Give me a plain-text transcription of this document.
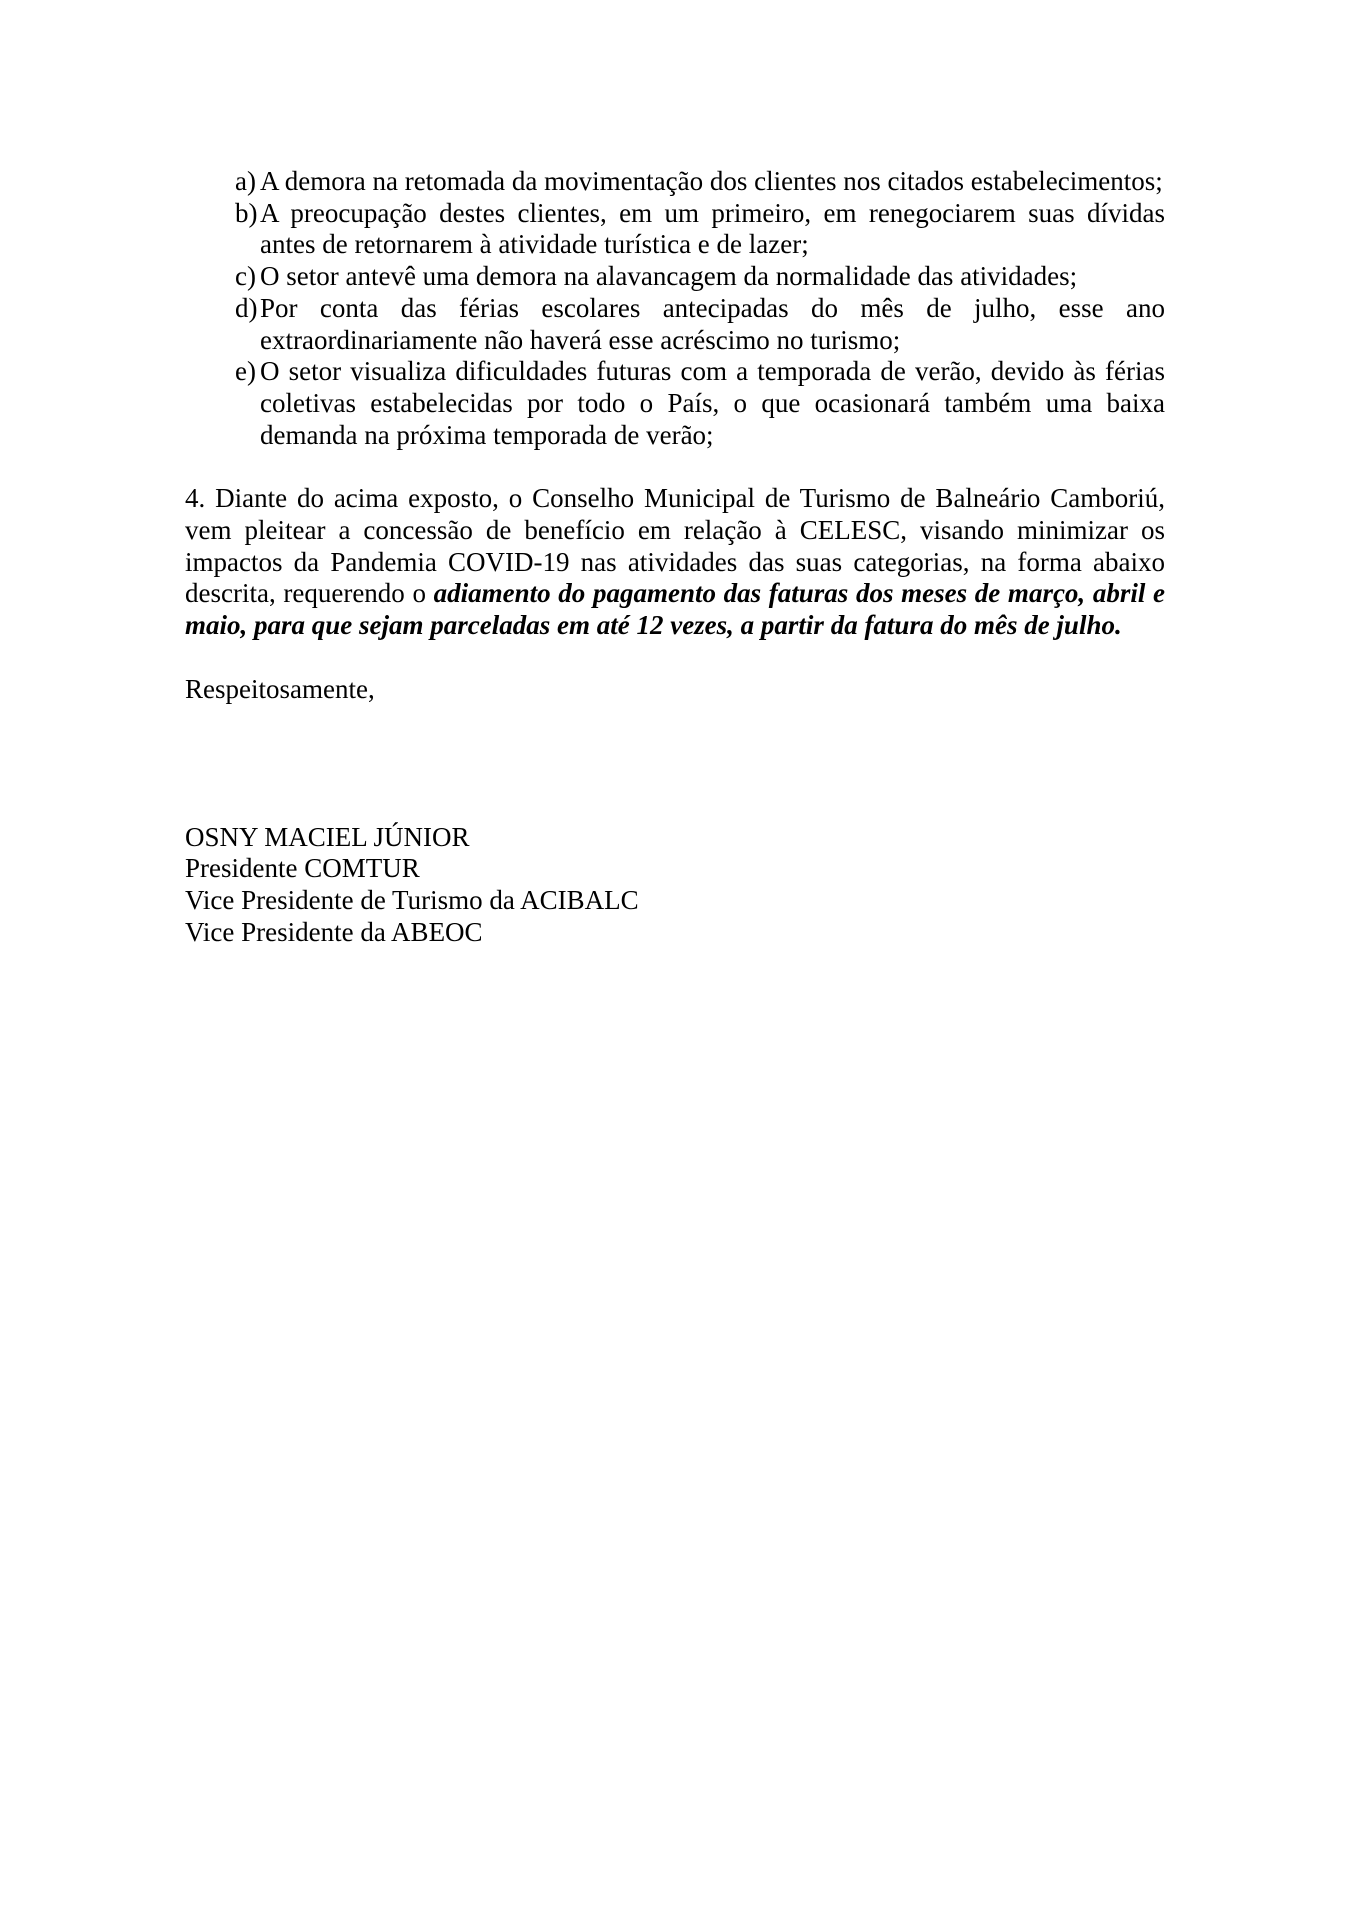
a) A demora na retomada da movimentação dos clientes nos citados estabelecimentos;
b) A preocupação destes clientes, em um primeiro, em renegociarem suas dívidas antes de retornarem à atividade turística e de lazer;
c) O setor antevê uma demora na alavancagem da normalidade das atividades;
d) Por conta das férias escolares antecipadas do mês de julho, esse ano extraordinariamente não haverá esse acréscimo no turismo;
e) O setor visualiza dificuldades futuras com a temporada de verão, devido às férias coletivas estabelecidas por todo o País, o que ocasionará também uma baixa demanda na próxima temporada de verão;

4. Diante do acima exposto, o Conselho Municipal de Turismo de Balneário Camboriú, vem pleitear a concessão de benefício em relação à CELESC, visando minimizar os impactos da Pandemia COVID-19 nas atividades das suas categorias, na forma abaixo descrita, requerendo o adiamento do pagamento das faturas dos meses de março, abril e maio, para que sejam parceladas em até 12 vezes, a partir da fatura do mês de julho.

Respeitosamente,

OSNY MACIEL JÚNIOR
Presidente COMTUR
Vice Presidente de Turismo da ACIBALC
Vice Presidente da ABEOC
